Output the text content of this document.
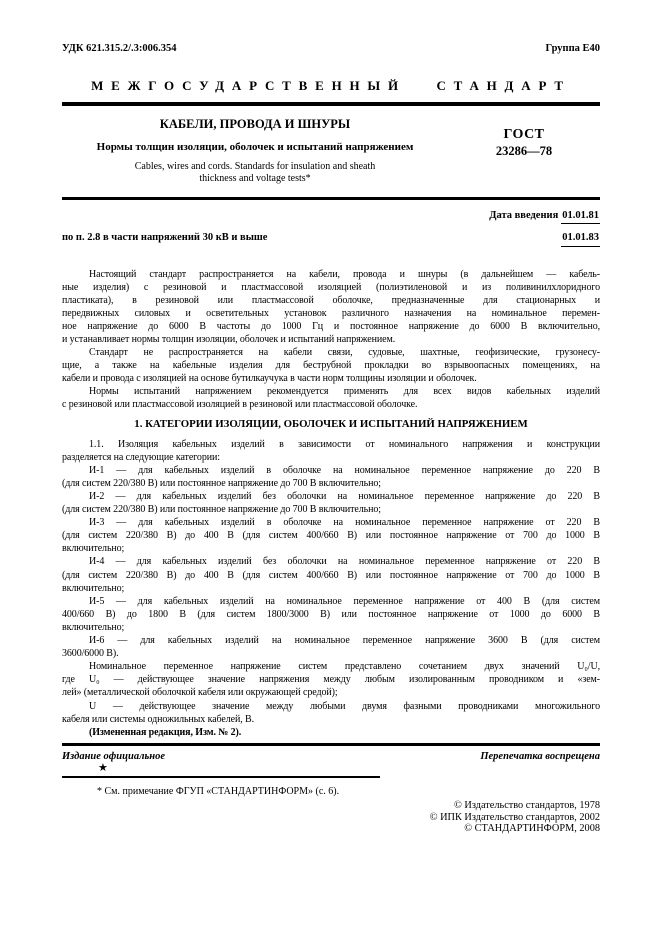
УДК 621.315.2/.3:006.354	Группа Е40
МЕЖГОСУДАРСТВЕННЫЙ СТАНДАРТ
КАБЕЛИ, ПРОВОДА И ШНУРЫ
Нормы толщин изоляции, оболочек и испытаний напряжением
Cables, wires and cords. Standards for insulation and sheath
thickness and voltage tests*
ГОСТ
23286—78
Дата введения 01.01.81
по п. 2.8 в части напряжений 30 кВ и выше	01.01.83
Настоящий стандарт распространяется на кабели, провода и шнуры (в дальнейшем — кабель-
ные изделия) с резиновой и пластмассовой изоляцией (полиэтиленовой и из поливинилхлоридного
пластиката), в резиновой или пластмассовой оболочке, предназначенные для стационарных и
передвижных силовых и осветительных установок различного назначения на номинальное перемен-
ное напряжение до 6000 В частоты до 1000 Гц и постоянное напряжение до 6000 В включительно,
и устанавливает нормы толщин изоляции, оболочек и испытаний напряжением.
Стандарт не распространяется на кабели связи, судовые, шахтные, геофизические, грузонесу-
щие, а также на кабельные изделия для беструбной прокладки во взрывоопасных помещениях, на
кабели и провода с изоляцией на основе бутилкаучука в части норм толщины изоляции и оболочек.
Нормы испытаний напряжением рекомендуется применять для всех видов кабельных изделий
с резиновой или пластмассовой изоляцией в резиновой или пластмассовой оболочке.
1. КАТЕГОРИИ ИЗОЛЯЦИИ, ОБОЛОЧЕК И ИСПЫТАНИЙ НАПРЯЖЕНИЕМ
1.1. Изоляция кабельных изделий в зависимости от номинального напряжения и конструкции
разделяется на следующие категории:
И-1 — для кабельных изделий в оболочке на номинальное переменное напряжение до 220 В
(для систем 220/380 В) или постоянное напряжение до 700 В включительно;
И-2 — для кабельных изделий без оболочки на номинальное переменное напряжение до 220 В
(для систем 220/380 В) или постоянное напряжение до 700 В включительно;
И-3 — для кабельных изделий в оболочке на номинальное переменное напряжение от 220 В
(для систем 220/380 В) до 400 В (для систем 400/660 В) или постоянное напряжение от 700 до 1000 В
включительно;
И-4 — для кабельных изделий без оболочки на номинальное переменное напряжение от 220 В
(для систем 220/380 В) до 400 В (для систем 400/660 В) или постоянное напряжение от 700 до 1000 В
включительно;
И-5 — для кабельных изделий на номинальное переменное напряжение от 400 В (для систем
400/660 В) до 1800 В (для систем 1800/3000 В) или постоянное напряжение от 1000 до 6000 В
включительно;
И-6 — для кабельных изделий на номинальное переменное напряжение 3600 В (для систем
3600/6000 В).
Номинальное переменное напряжение систем представлено сочетанием двух значений U₀/U,
где U₀ — действующее значение напряжения между любым изолированным проводником и «зем-
лей» (металлической оболочкой кабеля или окружающей средой);
U — действующее значение между любыми двумя фазными проводниками многожильного
кабеля или системы одножильных кабелей, В.
(Измененная редакция, Изм. № 2).
Издание официальное	Перепечатка воспрещена
★
* См. примечание ФГУП «СТАНДАРТИНФОРМ» (с. 6).
© Издательство стандартов, 1978
© ИПК Издательство стандартов, 2002
© СТАНДАРТИНФОРМ, 2008
